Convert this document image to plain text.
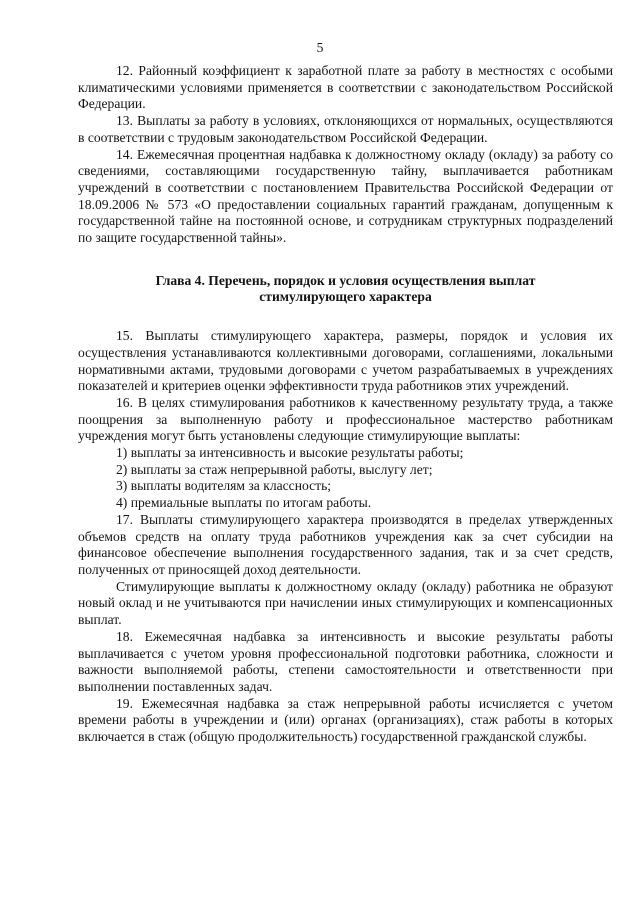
5

12. Районный коэффициент к заработной плате за работу в местностях с особыми климатическими условиями применяется в соответствии с законодательством Российской Федерации.

13. Выплаты за работу в условиях, отклоняющихся от нормальных, осуществляются в соответствии с трудовым законодательством Российской Федерации.

14. Ежемесячная процентная надбавка к должностному окладу (окладу) за работу со сведениями, составляющими государственную тайну, выплачивается работникам учреждений в соответствии с постановлением Правительства Российской Федерации от 18.09.2006 № 573 «О предоставлении социальных гарантий гражданам, допущенным к государственной тайне на постоянной основе, и сотрудникам структурных подразделений по защите государственной тайны».

Глава 4. Перечень, порядок и условия осуществления выплат стимулирующего характера

15. Выплаты стимулирующего характера, размеры, порядок и условия их осуществления устанавливаются коллективными договорами, соглашениями, локальными нормативными актами, трудовыми договорами с учетом разрабатываемых в учреждениях показателей и критериев оценки эффективности труда работников этих учреждений.

16. В целях стимулирования работников к качественному результату труда, а также поощрения за выполненную работу и профессиональное мастерство работникам учреждения могут быть установлены следующие стимулирующие выплаты:

1) выплаты за интенсивность и высокие результаты работы;

2) выплаты за стаж непрерывной работы, выслугу лет;

3) выплаты водителям за классность;

4) премиальные выплаты по итогам работы.

17. Выплаты стимулирующего характера производятся в пределах утвержденных объемов средств на оплату труда работников учреждения как за счет субсидии на финансовое обеспечение выполнения государственного задания, так и за счет средств, полученных от приносящей доход деятельности.

Стимулирующие выплаты к должностному окладу (окладу) работника не образуют новый оклад и не учитываются при начислении иных стимулирующих и компенсационных выплат.

18. Ежемесячная надбавка за интенсивность и высокие результаты работы выплачивается с учетом уровня профессиональной подготовки работника, сложности и важности выполняемой работы, степени самостоятельности и ответственности при выполнении поставленных задач.

19. Ежемесячная надбавка за стаж непрерывной работы исчисляется с учетом времени работы в учреждении и (или) органах (организациях), стаж работы в которых включается в стаж (общую продолжительность) государственной гражданской службы.
